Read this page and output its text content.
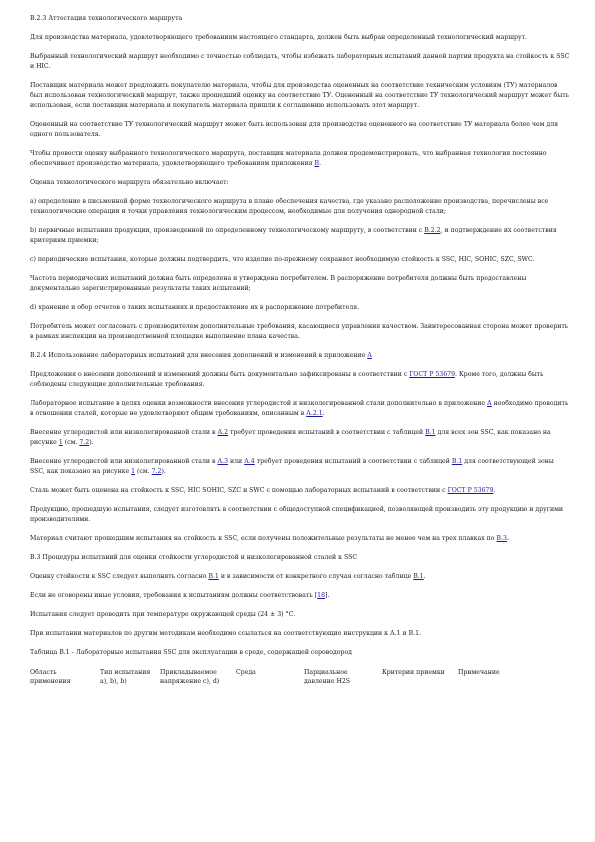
В.2.3 Аттестация технологического маршрута

Для производства материала, удовлетворяющего требованиям настоящего стандарта, должен быть выбран определенный технологический маршрут.

Выбранный технологический маршрут необходимо с точностью соблюдать, чтобы избежать лабораторных испытаний данной партии продукта на стойкость к SSC и HIC.

Поставщик материала может предложить покупателю материала, чтобы для производства оцененных на соответствие техническим условиям (ТУ) материалов был использован технологический маршрут, также прошедший оценку на соответствие ТУ. Оцененный на соответствие ТУ технологический маршрут может быть использован, если поставщик материала и покупатель материала пришли к соглашению использовать этот маршрут.

Оцененный на соответствие ТУ технологический маршрут может быть использован для производства оцененного на соответствие ТУ материала более чем для одного пользователя.

Чтобы провести оценку выбранного технологического маршрута, поставщик материала должен продемонстрировать, что выбранная технология постоянно обеспечивает производство материала, удовлетворяющего требованиям приложения В.

Оценка технологического маршрута обязательно включает:

a) определение в письменной форме технологического маршрута в плане обеспечения качества, где указано расположение производства, перечислены все технологические операции и точки управления технологическим процессом, необходимые для получения однородной стали;

b) первичные испытания продукции, произведенной по определенному технологическому маршруту, в соответствии с В.2.2, и подтверждение их соответствия критериям приемки;

c) периодические испытания, которые должны подтвердить, что изделие по-прежнему сохраняет необходимую стойкость к SSC, HIC, SOHIC, SZC, SWC.

Частота периодических испытаний должна быть определена и утверждена потребителем. В распоряжение потребителя должны быть предоставлены документально зарегистрированные результаты таких испытаний;

d) хранение и обор отчетов о таких испытаниях и предоставление их в распоряжение потребителя.

Потребитель может согласовать с производителем дополнительные требования, касающиеся управления качеством. Заинтересованная сторона может проверить в рамках инспекции на производственной площадке выполнение плана качества.

В.2.4 Использование лабораторных испытаний для внесения дополнений и изменений в приложение А

Предложения о внесении дополнений и изменений должны быть документально зафиксированы в соответствии с ГОСТ Р 53679. Кроме того, должны быть соблюдены следующие дополнительные требования.

Лабораторное испытание в целях оценки возможности внесения углеродистой и низколегированной стали дополнительно в приложение А необходимо проводить в отношении сталей, которые не удовлетворяют общим требованиям, описанным в А.2.1.

Внесение углеродистой или низколегированной стали в А.2 требует проведения испытаний в соответствии с таблицей В.1 для всех зон SSC, как показано на рисунке 1 (см. 7.2).

Внесение углеродистой или низколегированной стали в А.3 или А.4 требует проведения испытаний в соответствии с таблицей В.1 для соответствующей зоны SSC, как показано на рисунке 1 (см. 7.2).

Сталь может быть оценена на стойкость к SSC, HIC SOHIC, SZC и SWC с помощью лабораторных испытаний в соответствии с ГОСТ Р 53679.

Продукцию, прошедшую испытания, следует изготовлять в соответствии с общедоступной спецификацией, позволяющей производить эту продукцию и другими производителями.

Материал считают прошедшим испытания на стойкость к SSC, если получены положительные результаты не менее чем на трех плавках по В.3.

В.3 Процедуры испытаний для оценки стойкости углеродистой и низколегированной сталей к SSC

Оценку стойкости к SSC следует выполнять согласно В.1 и в зависимости от конкретного случая согласно таблице В.1.

Если не оговорены иные условия, требования к испытаниям должны соответствовать [18].

Испытания следует проводить при температуре окружающей среды (24 ± 3) °С.

При испытании материалов по другим методикам необходимо ссылаться на соответствующие инструкции к А.1 и В.1.

Таблица В.1 - Лабораторные испытания SSC для эксплуатации в среде, содержащей сероводород

Область применения	Тип испытания a), b), b)	Прикладываемое напряжение c), d)	Среда	Парциальное давление H2S	Критерии приемки	Примечание
